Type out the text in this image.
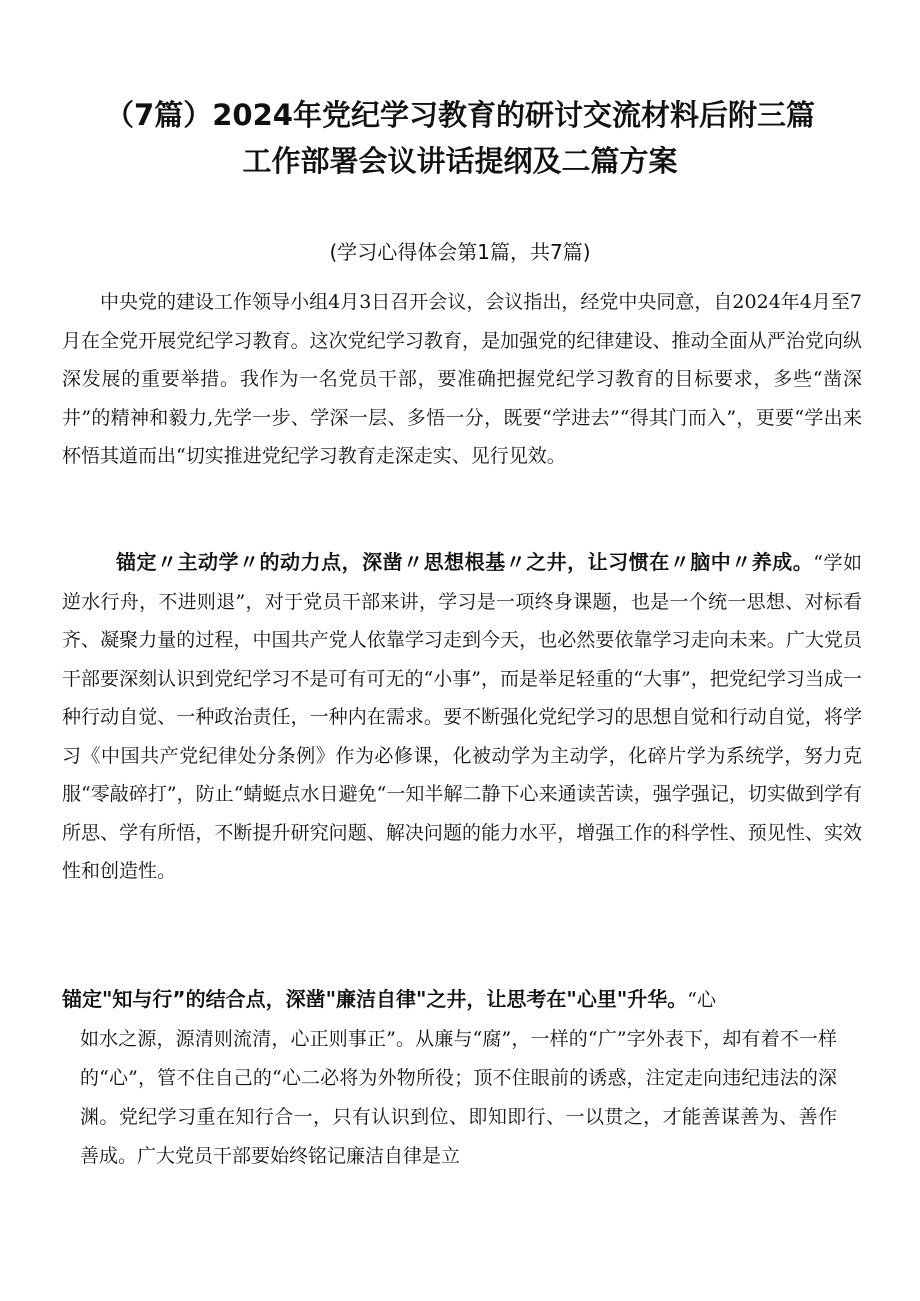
（7篇）2024年党纪学习教育的研讨交流材料后附三篇
工作部署会议讲话提纲及二篇方案
(学习心得体会第1篇，共7篇)
中央党的建设工作领导小组4月3日召开会议，会议指出，经党中央同意，自2024年4月至7月在全党开展党纪学习教育。这次党纪学习教育，是加强党的纪律建设、推动全面从严治党向纵深发展的重要举措。我作为一名党员干部，要准确把握党纪学习教育的目标要求，多些“凿深井”的精神和毅力,先学一步、学深一层、多悟一分，既要“学进去”“得其门而入”，更要“学出来杯悟其道而出“切实推进党纪学习教育走深走实、见行见效。
锚定〃主动学〃的动力点，深凿〃思想根基〃之井，让习惯在〃脑中〃养成。“学如逆水行舟，不进则退”，对于党员干部来讲，学习是一项终身课题，也是一个统一思想、对标看齐、凝聚力量的过程，中国共产党人依靠学习走到今天，也必然要依靠学习走向未来。广大党员干部要深刻认识到党纪学习不是可有可无的“小事”，而是举足轻重的“大事”，把党纪学习当成一种行动自觉、一种政治责任，一种内在需求。要不断强化党纪学习的思想自觉和行动自觉，将学习《中国共产党纪律处分条例》作为必修课，化被动学为主动学，化碎片学为系统学，努力克服“零敲碎打”，防止“蜻蜓点水日避免“一知半解二静下心来通读苦读，强学强记，切实做到学有所思、学有所悟，不断提升研究问题、解决问题的能力水平，增强工作的科学性、预见性、实效性和创造性。
锚定"知与行”的结合点，深凿"廉洁自律"之井，让思考在"心里"升华。“心
如水之源，源清则流清，心正则事正”。从廉与“腐”，一样的“广”字外表下，却有着不一样的“心”，管不住自己的“心二必将为外物所役；顶不住眼前的诱惑，注定走向违纪违法的深渊。党纪学习重在知行合一，只有认识到位、即知即行、一以贯之，才能善谋善为、善作善成。广大党员干部要始终铭记廉洁自律是立
